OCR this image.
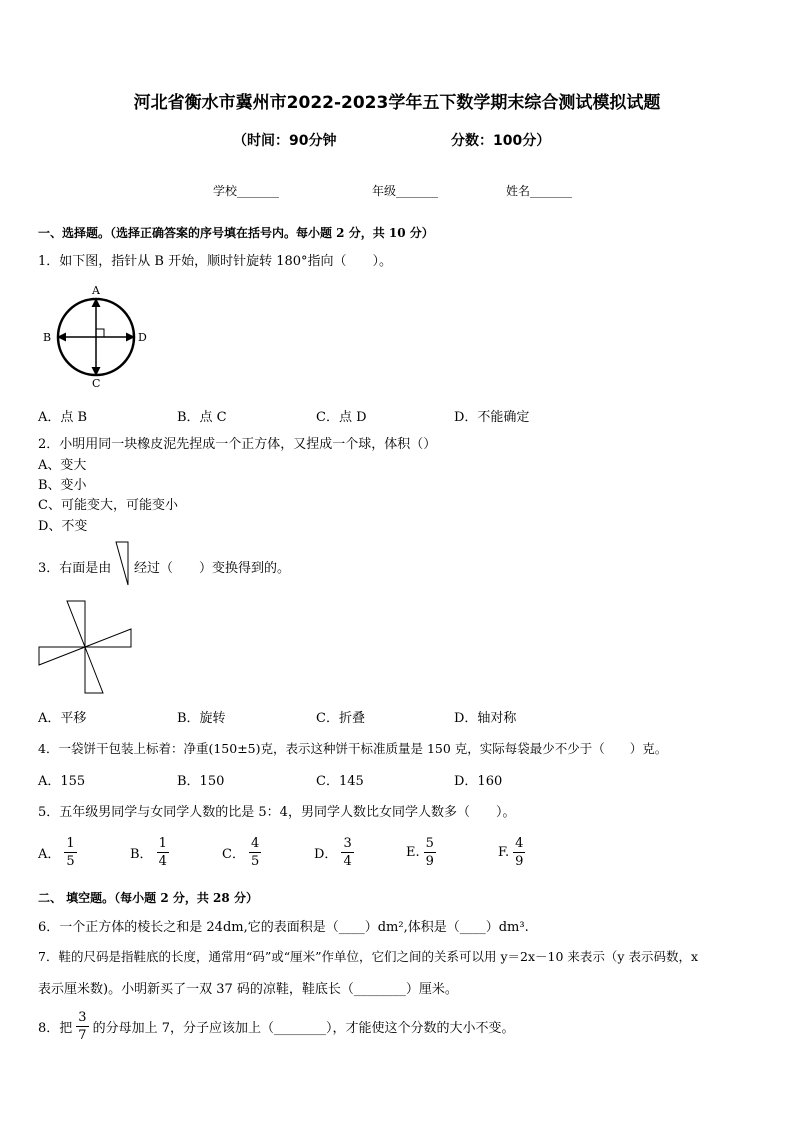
河北省衡水市冀州市2022-2023学年五下数学期末综合测试模拟试题
（时间：90分钟	分数：100分）
学校_______	年级_______	姓名_______
一、选择题。（选择正确答案的序号填在括号内。每小题 2 分，共 10 分）
1．如下图，指针从 B 开始，顺时针旋转 180°指向（　　）。
A
B
C
D
A．点 B	B．点 C	C．点 D	D．不能确定
2．小明用同一块橡皮泥先捏成一个正方体，又捏成一个球，体积（）
A、变大
B、变小
C、可能变大，可能变小
D、不变
3．右面是由 经过（　　）变换得到的。
A．平移	B．旋转	C．折叠	D．轴对称
4．一袋饼干包装上标着：净重(150±5)克，表示这种饼干标准质量是 150 克，实际每袋最少不少于（　　）克。
A．155	B．150	C．145	D．160
5．五年级男同学与女同学人数的比是 5：4，男同学人数比女同学人数多（　　）。
A． $\frac{1}{5}$	B． $\frac{1}{4}$	C． $\frac{4}{5}$	D． $\frac{3}{4}$	E. $\frac{5}{9}$	F. $\frac{4}{9}$
二、 填空题。（每小题 2 分，共 28 分）
6．一个正方体的棱长之和是 24dm,它的表面积是（____）dm²,体积是（____）dm³.
7．鞋的尺码是指鞋底的长度，通常用“码”或“厘米”作单位，它们之间的关系可以用 y＝2x－10 来表示（y 表示码数，x
表示厘米数)。小明新买了一双 37 码的凉鞋，鞋底长（________）厘米。
8．把 $\frac{3}{7}$ 的分母加上 7，分子应该加上（________），才能使这个分数的大小不变。
